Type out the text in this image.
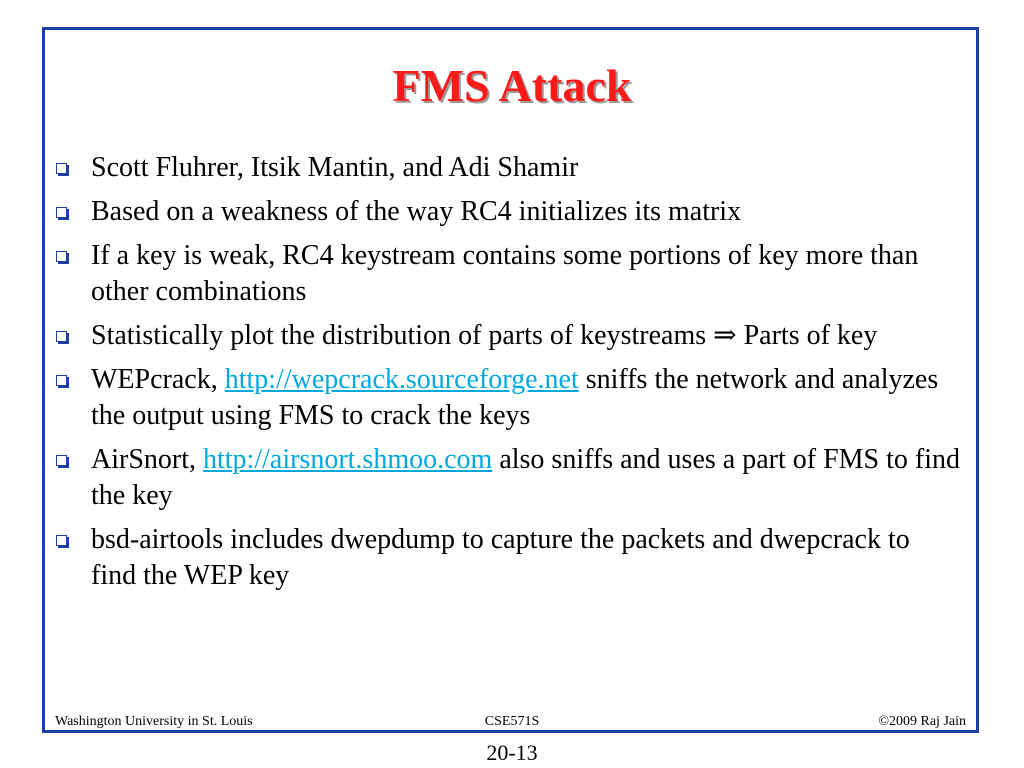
FMS Attack
Scott Fluhrer, Itsik Mantin, and Adi Shamir
Based on a weakness of the way RC4 initializes its matrix
If a key is weak, RC4 keystream contains some portions of key more than other combinations
Statistically plot the distribution of parts of keystreams ⇒ Parts of key
WEPcrack, http://wepcrack.sourceforge.net sniffs the network and analyzes the output using FMS to crack the keys
AirSnort, http://airsnort.shmoo.com also sniffs and uses a part of FMS to find the key
bsd-airtools includes dwepdump to capture the packets and dwepcrack to find the WEP key
Washington University in St. Louis	CSE571S	©2009 Raj Jain
20-13
